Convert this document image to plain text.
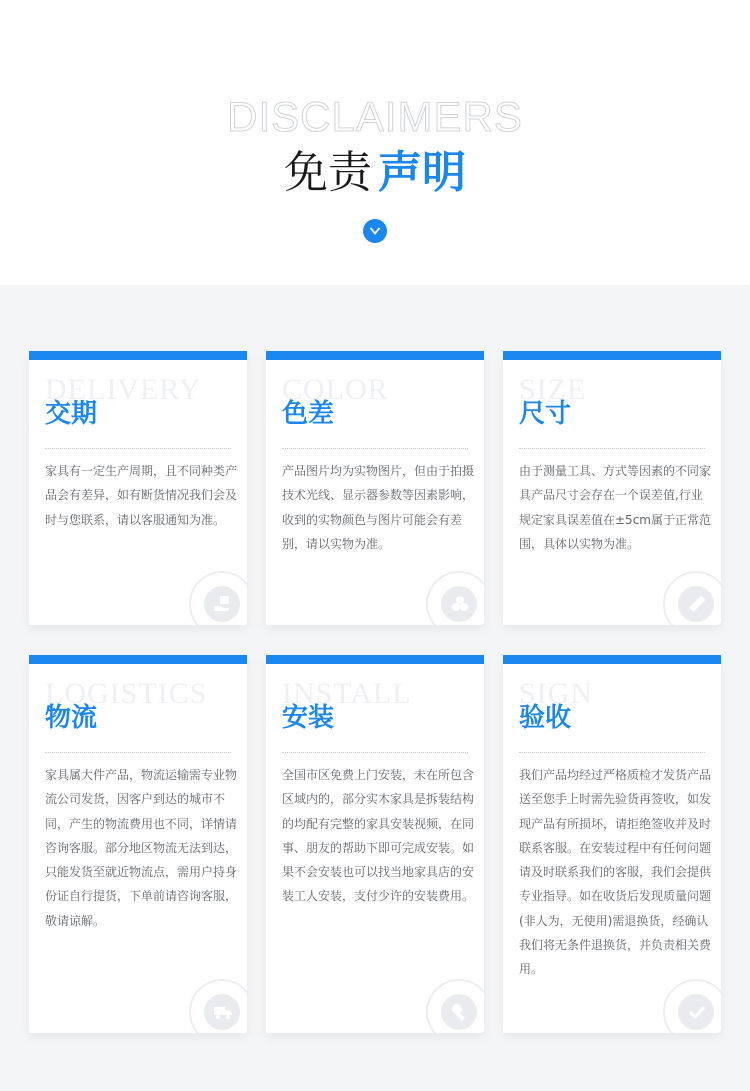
DISCLAIMERS
免责 声明
DELIVERY
交期
家具有一定生产周期，且不同种类产品会有差异，如有断货情况我们会及时与您联系，请以客服通知为准。
COLOR
色差
产品图片均为实物图片，但由于拍摄技术光线、显示器参数等因素影响，收到的实物颜色与图片可能会有差别，请以实物为准。
SIZE
尺寸
由于测量工具、方式等因素的不同家具产品尺寸会存在一个误差值,行业规定家具误差值在±5cm属于正常范围，具体以实物为准。
LOGISTICS
物流
家具属大件产品，物流运输需专业物流公司发货，因客户到达的城市不同，产生的物流费用也不同，详情请咨询客服。部分地区物流无法到达，只能发货至就近物流点，需用户持身份证自行提货，下单前请咨询客服，敬请谅解。
INSTALL
安装
全国市区免费上门安装，未在所包含区域内的，部分实木家具是拆装结构的均配有完整的家具安装视频，在同事、朋友的帮助下即可完成安装。如果不会安装也可以找当地家具店的安装工人安装，支付少许的安装费用。
SIGN
验收
我们产品均经过严格质检才发货产品送至您手上时需先验货再签收，如发现产品有所损坏，请拒绝签收并及时联系客服。在安装过程中有任何问题请及时联系我们的客服，我们会提供专业指导。如在收货后发现质量问题(非人为，无使用)需退换货，经确认我们将无条件退换货，并负责相关费用。
